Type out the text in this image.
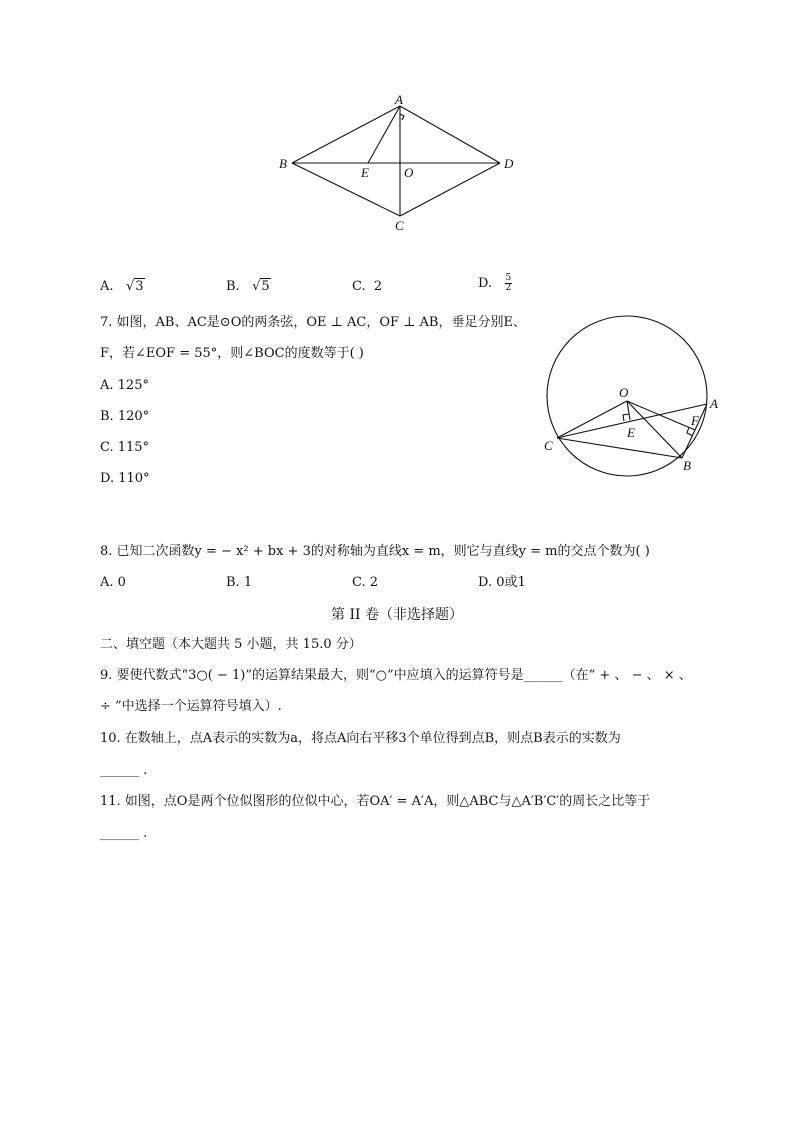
A
B
C
D
E	O
A. √3	B. √5	C. 2	D. $\frac{5}{2}$
7. 如图，AB、AC是⊙O的两条弦，OE ⊥ AC，OF ⊥ AB，垂足分别E、
F，若∠EOF = 55°，则∠BOC的度数等于( )
A. 125°
B. 120°
C. 115°
D. 110°
O
A
B
C
E
F
8. 已知二次函数y = − x² + bx + 3的对称轴为直线x = m，则它与直线y = m的交点个数为( )
A. 0	B. 1	C. 2	D. 0或1
第 II 卷（非选择题）
二、填空题（本大题共 5 小题，共 15.0 分）
9. 要使代数式“3○( − 1)”的运算结果最大，则“○”中应填入的运算符号是______（在“ + 、 − 、 × 、
÷ ”中选择一个运算符号填入）.
10. 在数轴上，点A表示的实数为a，将点A向右平移3个单位得到点B，则点B表示的实数为
______ .
11. 如图，点O是两个位似图形的位似中心，若OA′ = A′A，则△ABC与△A′B′C′的周长之比等于
______ .
